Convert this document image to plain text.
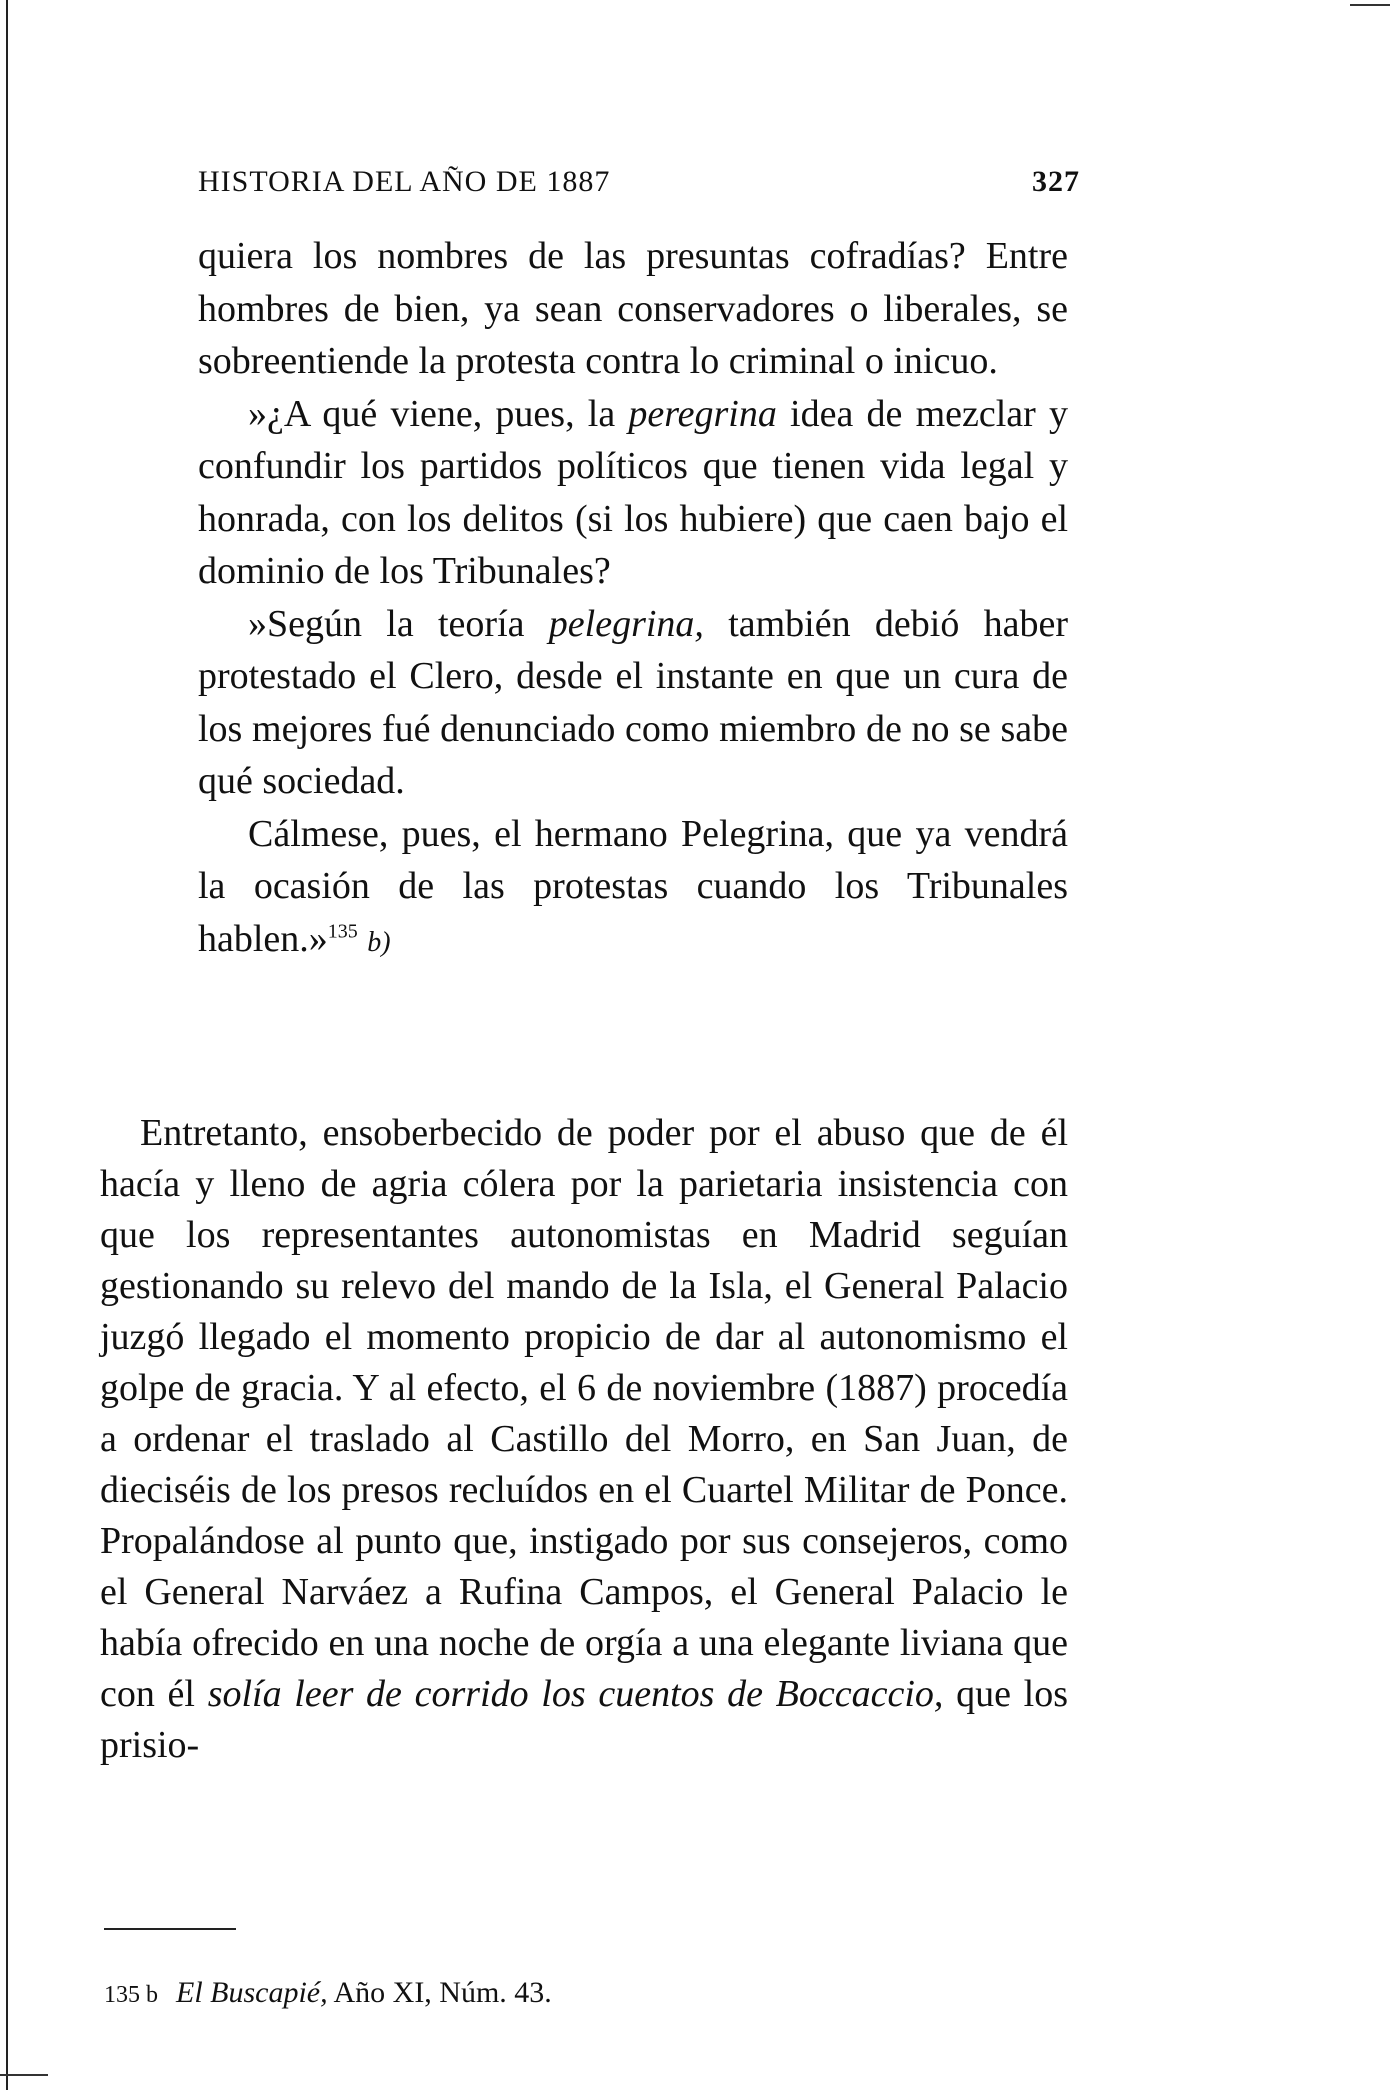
HISTORIA DEL AÑO DE 1887	327

quiera los nombres de las presuntas cofradías? Entre hombres de bien, ya sean conservadores o liberales, se sobreentiende la protesta contra lo criminal o inicuo.

»¿A qué viene, pues, la peregrina idea de mezclar y confundir los partidos políticos que tienen vida legal y honrada, con los delitos (si los hubiere) que caen bajo el dominio de los Tribunales?

»Según la teoría pelegrina, también debió haber protestado el Clero, desde el instante en que un cura de los mejores fué denunciado como miembro de no se sabe qué sociedad.

Cálmese, pues, el hermano Pelegrina, que ya vendrá la ocasión de las protestas cuando los Tribunales hablen.»$^{135}$ b)

Entretanto, ensoberbecido de poder por el abuso que de él hacía y lleno de agria cólera por la parietaria insistencia con que los representantes autonomistas en Madrid seguían gestionando su relevo del mando de la Isla, el General Palacio juzgó llegado el momento propicio de dar al autonomismo el golpe de gracia. Y al efecto, el 6 de noviembre (1887) procedía a ordenar el traslado al Castillo del Morro, en San Juan, de dieciséis de los presos recluídos en el Cuartel Militar de Ponce. Propalándose al punto que, instigado por sus consejeros, como el General Narváez a Rufina Campos, el General Palacio le había ofrecido en una noche de orgía a una elegante liviana que con él solía leer de corrido los cuentos de Boccaccio, que los prisio-

135 b El Buscapié, Año XI, Núm. 43.
